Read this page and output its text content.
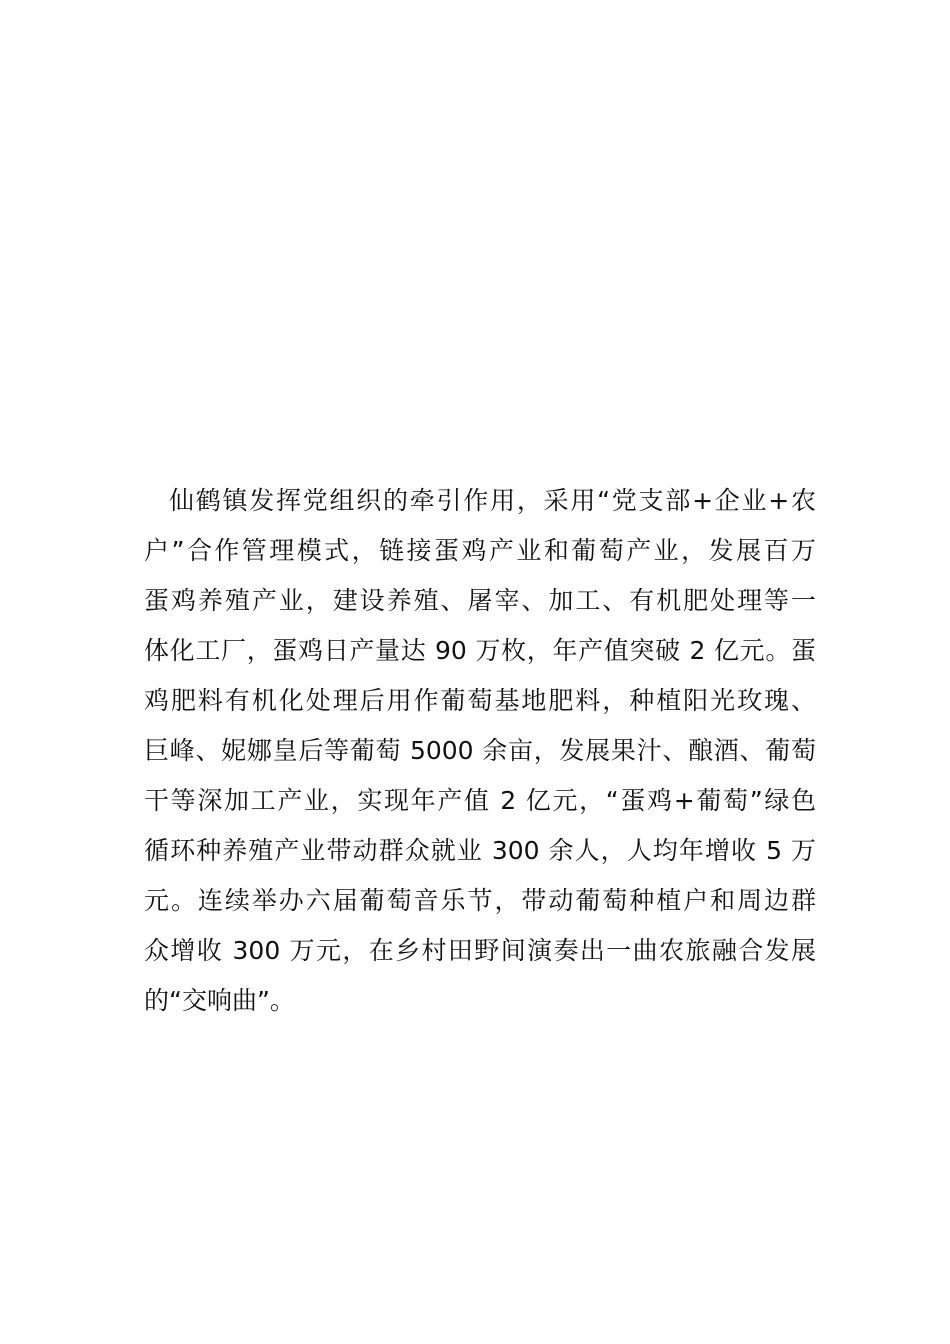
仙鹤镇发挥党组织的牵引作用，采用“党支部+企业+农
户”合作管理模式，链接蛋鸡产业和葡萄产业，发展百万
蛋鸡养殖产业，建设养殖、屠宰、加工、有机肥处理等一
体化工厂，蛋鸡日产量达 90 万枚，年产值突破 2 亿元。蛋
鸡肥料有机化处理后用作葡萄基地肥料，种植阳光玫瑰、
巨峰、妮娜皇后等葡萄 5000 余亩，发展果汁、酿酒、葡萄
干等深加工产业，实现年产值 2 亿元，“蛋鸡+葡萄”绿色
循环种养殖产业带动群众就业 300 余人，人均年增收 5 万
元。连续举办六届葡萄音乐节，带动葡萄种植户和周边群
众增收 300 万元，在乡村田野间演奏出一曲农旅融合发展
的“交响曲”。
